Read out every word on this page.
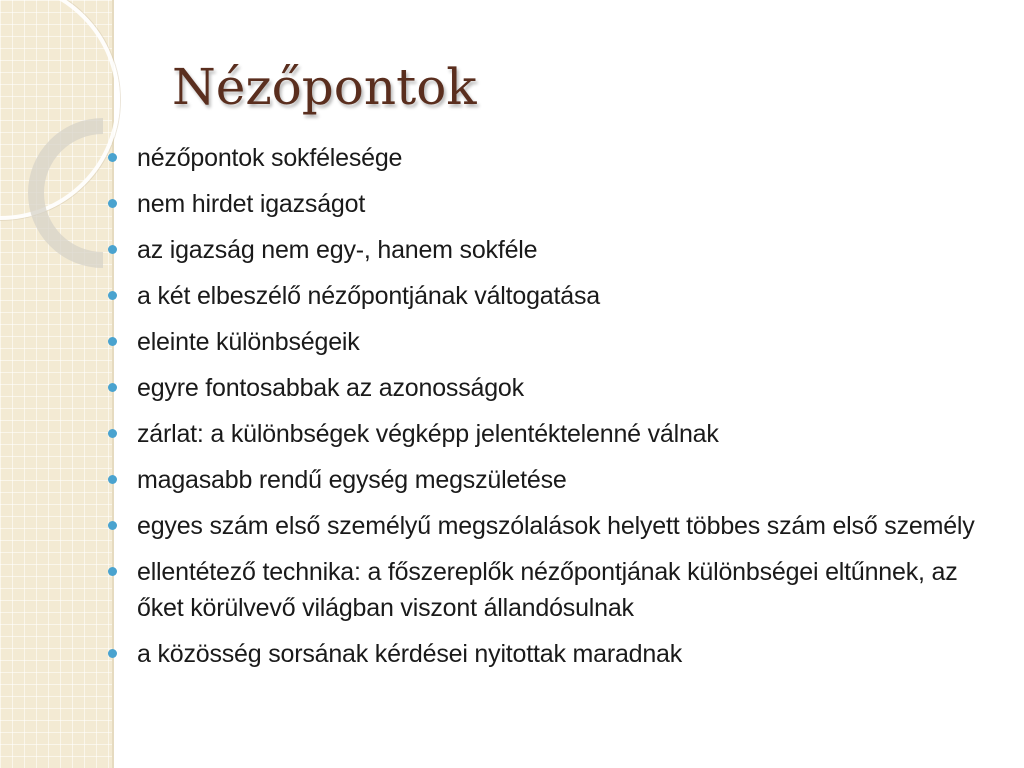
Nézőpontok
nézőpontok sokfélesége
nem hirdet igazságot
az igazság nem egy-, hanem sokféle
a két elbeszélő nézőpontjának váltogatása
eleinte különbségeik
egyre fontosabbak az azonosságok
zárlat: a különbségek végképp jelentéktelenné válnak
magasabb rendű egység megszületése
egyes szám első személyű megszólalások helyett többes szám első személy
ellentétező technika: a főszereplők nézőpontjának különbségei eltűnnek, az őket körülvevő világban viszont állandósulnak
a közösség sorsának kérdései nyitottak maradnak
